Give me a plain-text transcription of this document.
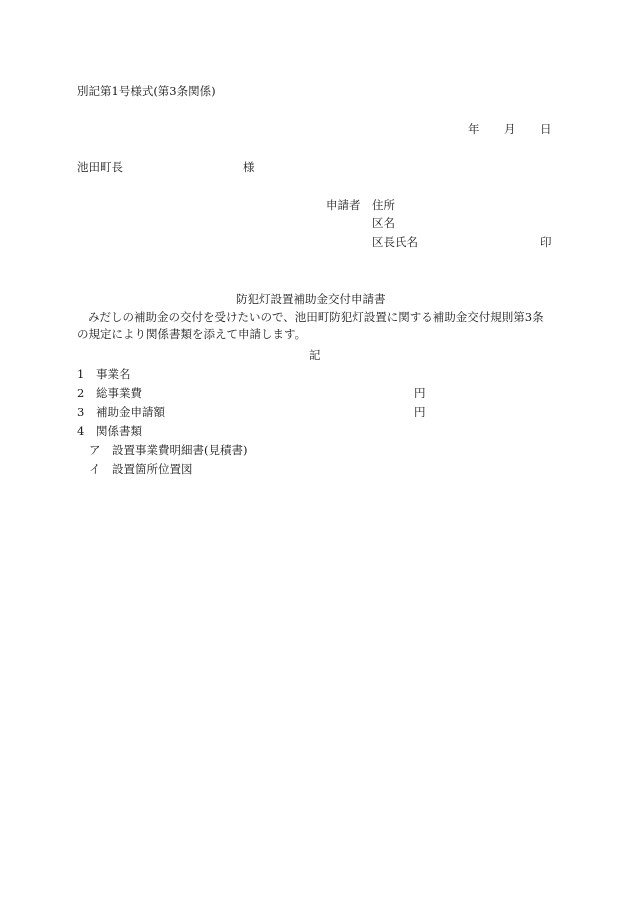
別記第1号様式(第3条関係)
年 月 日
池田町長	様
申請者 住所
区名
区長氏名	印
防犯灯設置補助金交付申請書
みだしの補助金の交付を受けたいので、池田町防犯灯設置に関する補助金交付規則第3条の規定により関係書類を添えて申請します。
記
1 事業名
2 総事業費	円
3 補助金申請額	円
4 関係書類
ア 設置事業費明細書(見積書)
イ 設置箇所位置図
